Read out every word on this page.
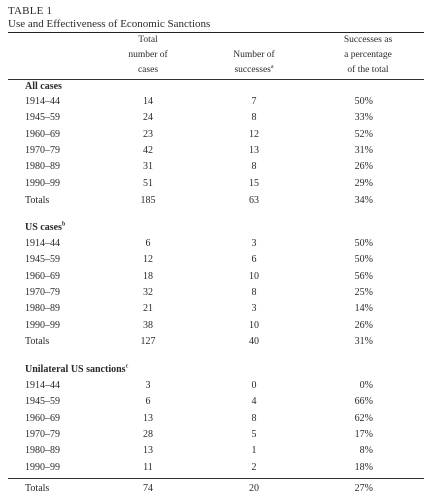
TABLE 1
Use and Effectiveness of Economic Sanctions
Total
number of
cases
Number of
successes$^a$
Successes as
a percentage
of the total
All cases
1914–44	14	7	50%
1945–59	24	8	33%
1960–69	23	12	52%
1970–79	42	13	31%
1980–89	31	8	26%
1990–99	51	15	29%
Totals	185	63	34%
US cases$^b$
1914–44	6	3	50%
1945–59	12	6	50%
1960–69	18	10	56%
1970–79	32	8	25%
1980–89	21	3	14%
1990–99	38	10	26%
Totals	127	40	31%
Unilateral US sanctions$^c$
1914–44	3	0	0%
1945–59	6	4	66%
1960–69	13	8	62%
1970–79	28	5	17%
1980–89	13	1	8%
1990–99	11	2	18%
Totals	74	20	27%
